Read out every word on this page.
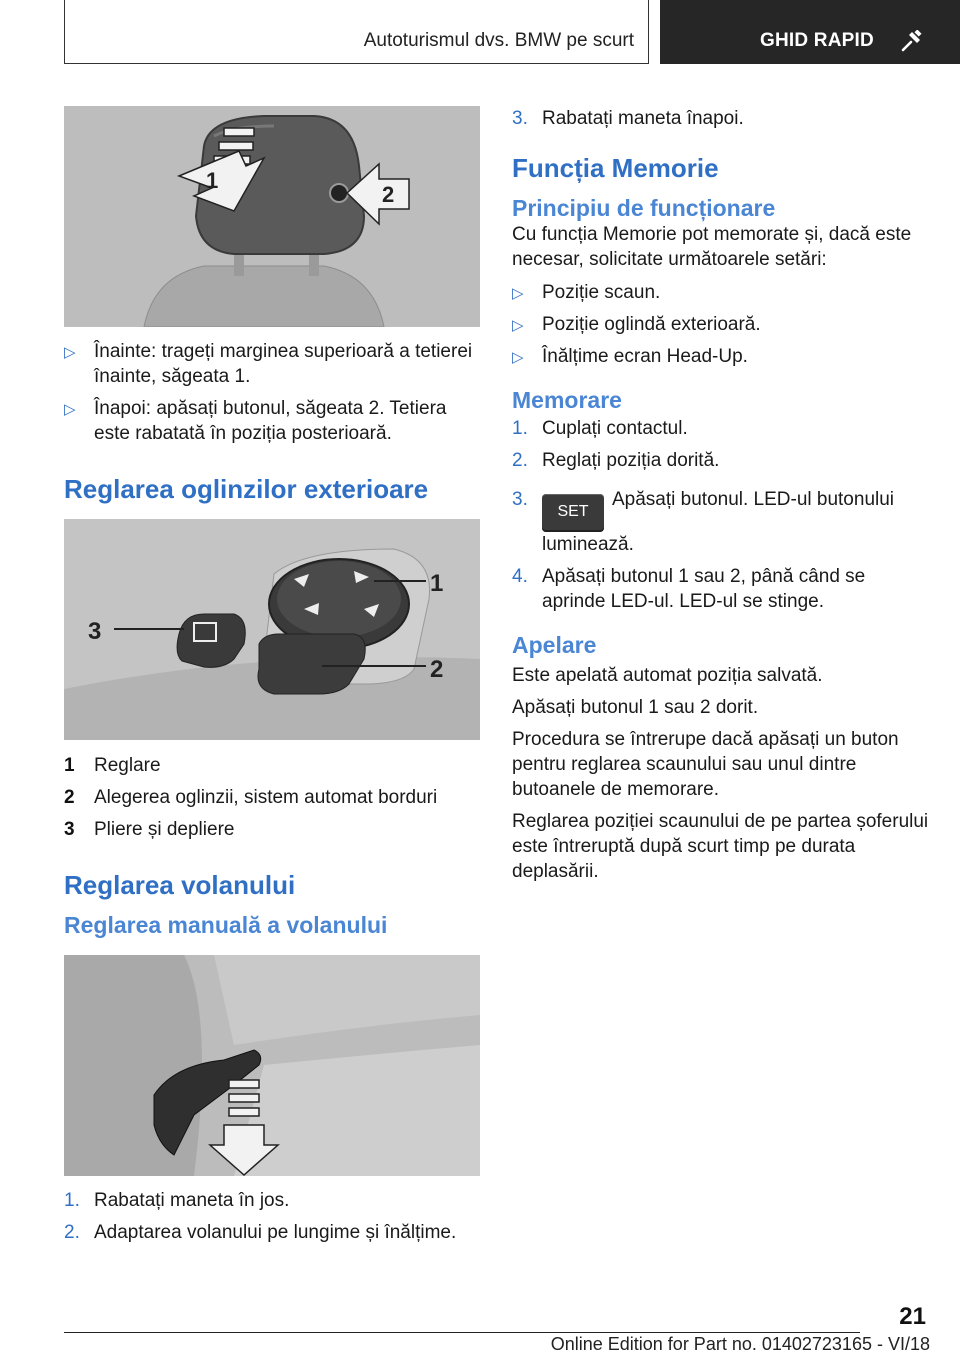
Autoturismul dvs. BMW pe scurt	GHID RAPID
1
2
▷ Înainte: trageți marginea superioară a tetierei înainte, săgeata 1.
▷ Înapoi: apăsați butonul, săgeata 2. Tetiera este rabatată în poziția posterioară.
Reglarea oglinzilor exterioare
1
2
3
1 Reglare
2 Alegerea oglinzii, sistem automat borduri
3 Pliere și depliere
Reglarea volanului
Reglarea manuală a volanului
1. Rabatați maneta în jos.
2. Adaptarea volanului pe lungime și înălțime.
3. Rabatați maneta înapoi.
Funcția Memorie
Principiu de funcționare

Cu funcția Memorie pot memorate și, dacă este necesar, solicitate următoarele setări:

▷ Poziție scaun.
▷ Poziție oglindă exterioară.
▷ Înălțime ecran Head-Up.
Memorare
1. Cuplați contactul.
2. Reglați poziția dorită.
3.
SETApăsați butonul. LED-ul butonului luminează.
4. Apăsați butonul 1 sau 2, până când se aprinde LED-ul. LED-ul se stinge.
Apelare

Este apelată automat poziția salvată.

Apăsați butonul 1 sau 2 dorit.

Procedura se întrerupe dacă apăsați un buton pentru reglarea scaunului sau unul dintre butoanele de memorare.

Reglarea poziției scaunului de pe partea șoferului este întreruptă după scurt timp pe durata deplasării.

21
Online Edition for Part no. 01402723165 - VI/18
